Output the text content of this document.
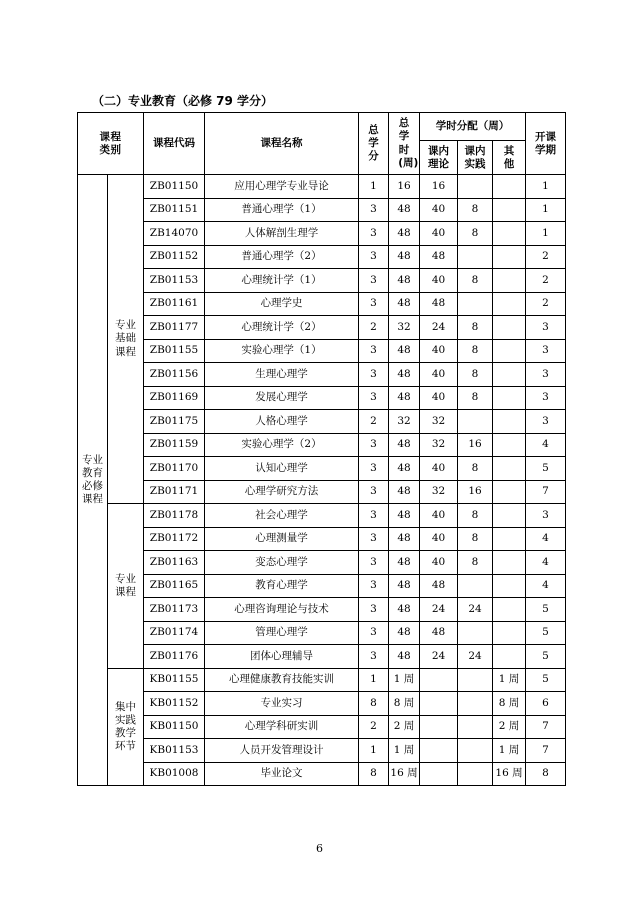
（二）专业教育（必修 79 学分）
课程类别		课程代码	课程名称	总学分	总学时(周)	学时分配（周）			开课学期
						课内理论	课内实践	其他	
专业教育必修课程	专业基础课程	ZB01150	应用心理学专业导论	1	16	16			1
		ZB01151	普通心理学（1）	3	48	40	8		1
		ZB14070	人体解剖生理学	3	48	40	8		1
		ZB01152	普通心理学（2）	3	48	48			2
		ZB01153	心理统计学（1）	3	48	40	8		2
		ZB01161	心理学史	3	48	48			2
		ZB01177	心理统计学（2）	2	32	24	8		3
		ZB01155	实验心理学（1）	3	48	40	8		3
		ZB01156	生理心理学	3	48	40	8		3
		ZB01169	发展心理学	3	48	40	8		3
		ZB01175	人格心理学	2	32	32			3
		ZB01159	实验心理学（2）	3	48	32	16		4
		ZB01170	认知心理学	3	48	40	8		5
		ZB01171	心理学研究方法	3	48	32	16		7
	专业课程	ZB01178	社会心理学	3	48	40	8		3
		ZB01172	心理测量学	3	48	40	8		4
		ZB01163	变态心理学	3	48	40	8		4
		ZB01165	教育心理学	3	48	48			4
		ZB01173	心理咨询理论与技术	3	48	24	24		5
		ZB01174	管理心理学	3	48	48			5
		ZB01176	团体心理辅导	3	48	24	24		5
	集中实践教学环节	KB01155	心理健康教育技能实训	1	1 周			1 周	5
		KB01152	专业实习	8	8 周			8 周	6
		KB01150	心理学科研实训	2	2 周			2 周	7
		KB01153	人员开发管理设计	1	1 周			1 周	7
		KB01008	毕业论文	8	16 周			16 周	8
6
